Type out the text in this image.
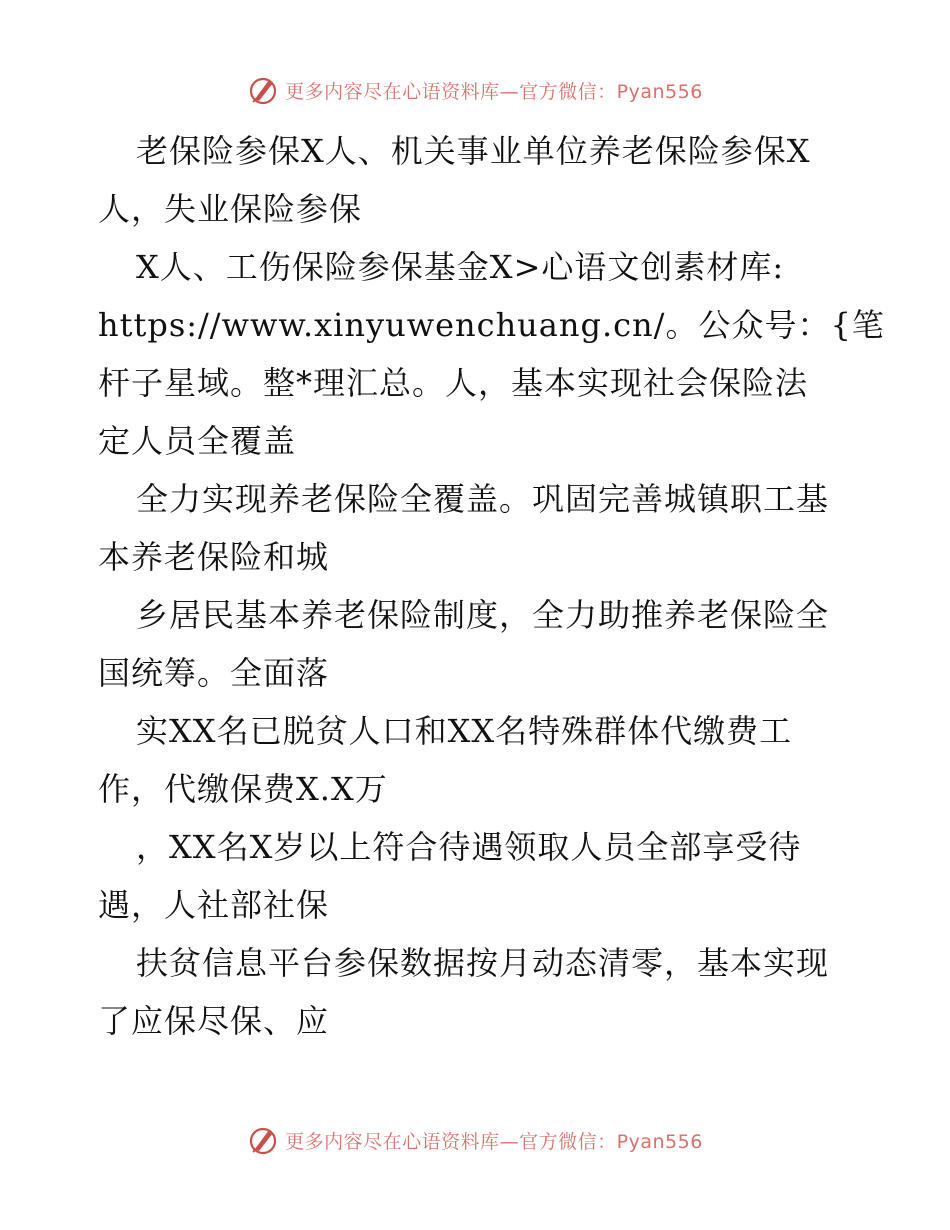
更多内容尽在心语资料库—官方微信：Pyan556
老保险参保X人、机关事业单位养老保险参保X
人，失业保险参保
X人、工伤保险参保基金X>心语文创素材库:
https://www.xinyuwenchuang.cn/。公众号：{笔
杆子星域。整*理汇总。人，基本实现社会保险法
定人员全覆盖
全力实现养老保险全覆盖。巩固完善城镇职工基
本养老保险和城
乡居民基本养老保险制度，全力助推养老保险全
国统筹。全面落
实XX名已脱贫人口和XX名特殊群体代缴费工
作，代缴保费X.X万
，XX名X岁以上符合待遇领取人员全部享受待
遇，人社部社保
扶贫信息平台参保数据按月动态清零，基本实现
了应保尽保、应
更多内容尽在心语资料库—官方微信：Pyan556
